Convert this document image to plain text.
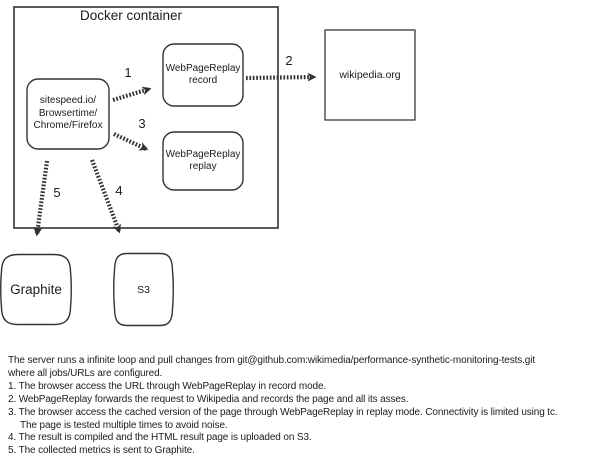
Docker container
sitespeed.io/
Browsertime/
Chrome/Firefox
WebPageReplay
record
WebPageReplay
replay
wikipedia.org
Graphite	S3
1
2
3
4
5
The server runs a infinite loop and pull changes from git@github.com:wikimedia/performance-synthetic-monitoring-tests.git
where all jobs/URLs are configured.
1. The browser access the URL through WebPageReplay in record mode.
2. WebPageReplay forwards the request to Wikipedia and records the page and all its asses.
3. The browser access the cached version of the page through WebPageReplay in replay mode. Connectivity is limited using tc.
The page is tested multiple times to avoid noise.
4. The result is compiled and the HTML result page is uploaded on S3.
5. The collected metrics is sent to Graphite.
